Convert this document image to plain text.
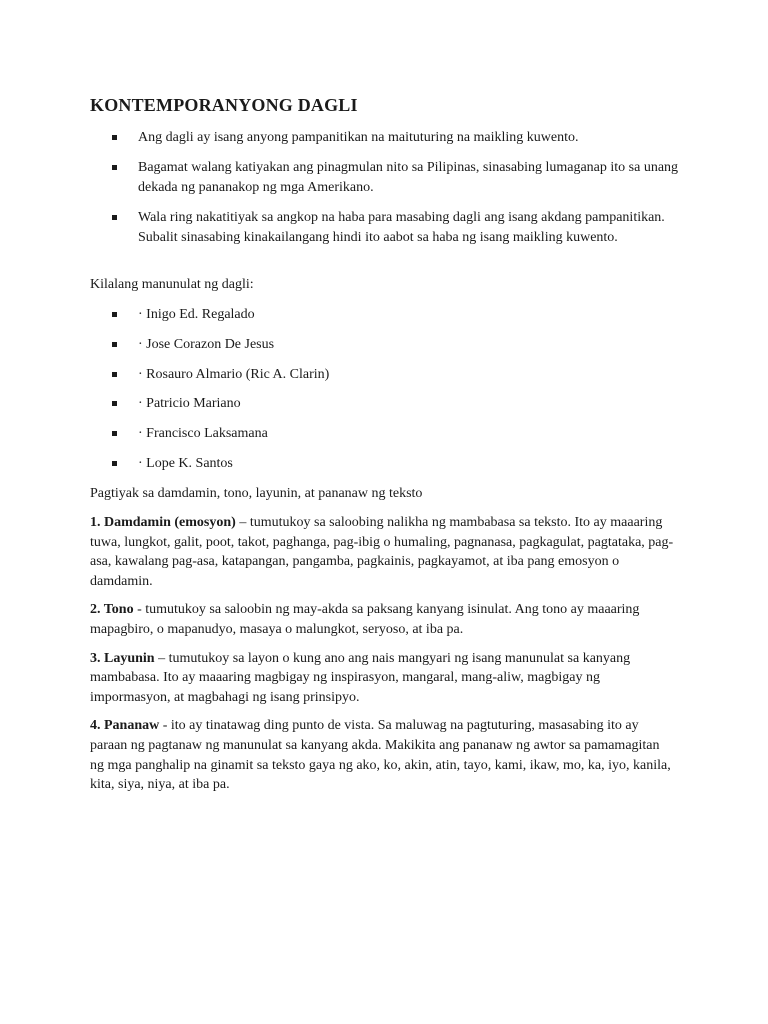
KONTEMPORANYONG DAGLI
Ang dagli ay isang anyong pampanitikan na maituturing na maikling kuwento.
Bagamat walang katiyakan ang pinagmulan nito sa Pilipinas, sinasabing lumaganap ito sa unang dekada ng pananakop ng mga Amerikano.
Wala ring nakatitiyak sa angkop na haba para masabing dagli ang isang akdang pampanitikan. Subalit sinasabing kinakailangang hindi ito aabot sa haba ng isang maikling kuwento.

Kilalang manunulat ng dagli:

· Inigo Ed. Regalado
· Jose Corazon De Jesus
· Rosauro Almario (Ric A. Clarin)
· Patricio Mariano
· Francisco Laksamana
· Lope K. Santos

Pagtiyak sa damdamin, tono, layunin, at pananaw ng teksto

1. Damdamin (emosyon) – tumutukoy sa saloobing nalikha ng mambabasa sa teksto. Ito ay maaaring tuwa, lungkot, galit, poot, takot, paghanga, pag-ibig o humaling, pagnanasa, pagkagulat, pagtataka, pag-asa, kawalang pag-asa, katapangan, pangamba, pagkainis, pagkayamot, at iba pang emosyon o damdamin.

2. Tono - tumutukoy sa saloobin ng may-akda sa paksang kanyang isinulat. Ang tono ay maaaring mapagbiro, o mapanudyo, masaya o malungkot, seryoso, at iba pa.

3. Layunin – tumutukoy sa layon o kung ano ang nais mangyari ng isang manunulat sa kanyang mambabasa. Ito ay maaaring magbigay ng inspirasyon, mangaral, mang-aliw, magbigay ng impormasyon, at magbahagi ng isang prinsipyo.

4. Pananaw - ito ay tinatawag ding punto de vista. Sa maluwag na pagtuturing, masasabing ito ay paraan ng pagtanaw ng manunulat sa kanyang akda. Makikita ang pananaw ng awtor sa pamamagitan ng mga panghalip na ginamit sa teksto gaya ng ako, ko, akin, atin, tayo, kami, ikaw, mo, ka, iyo, kanila, kita, siya, niya, at iba pa.
